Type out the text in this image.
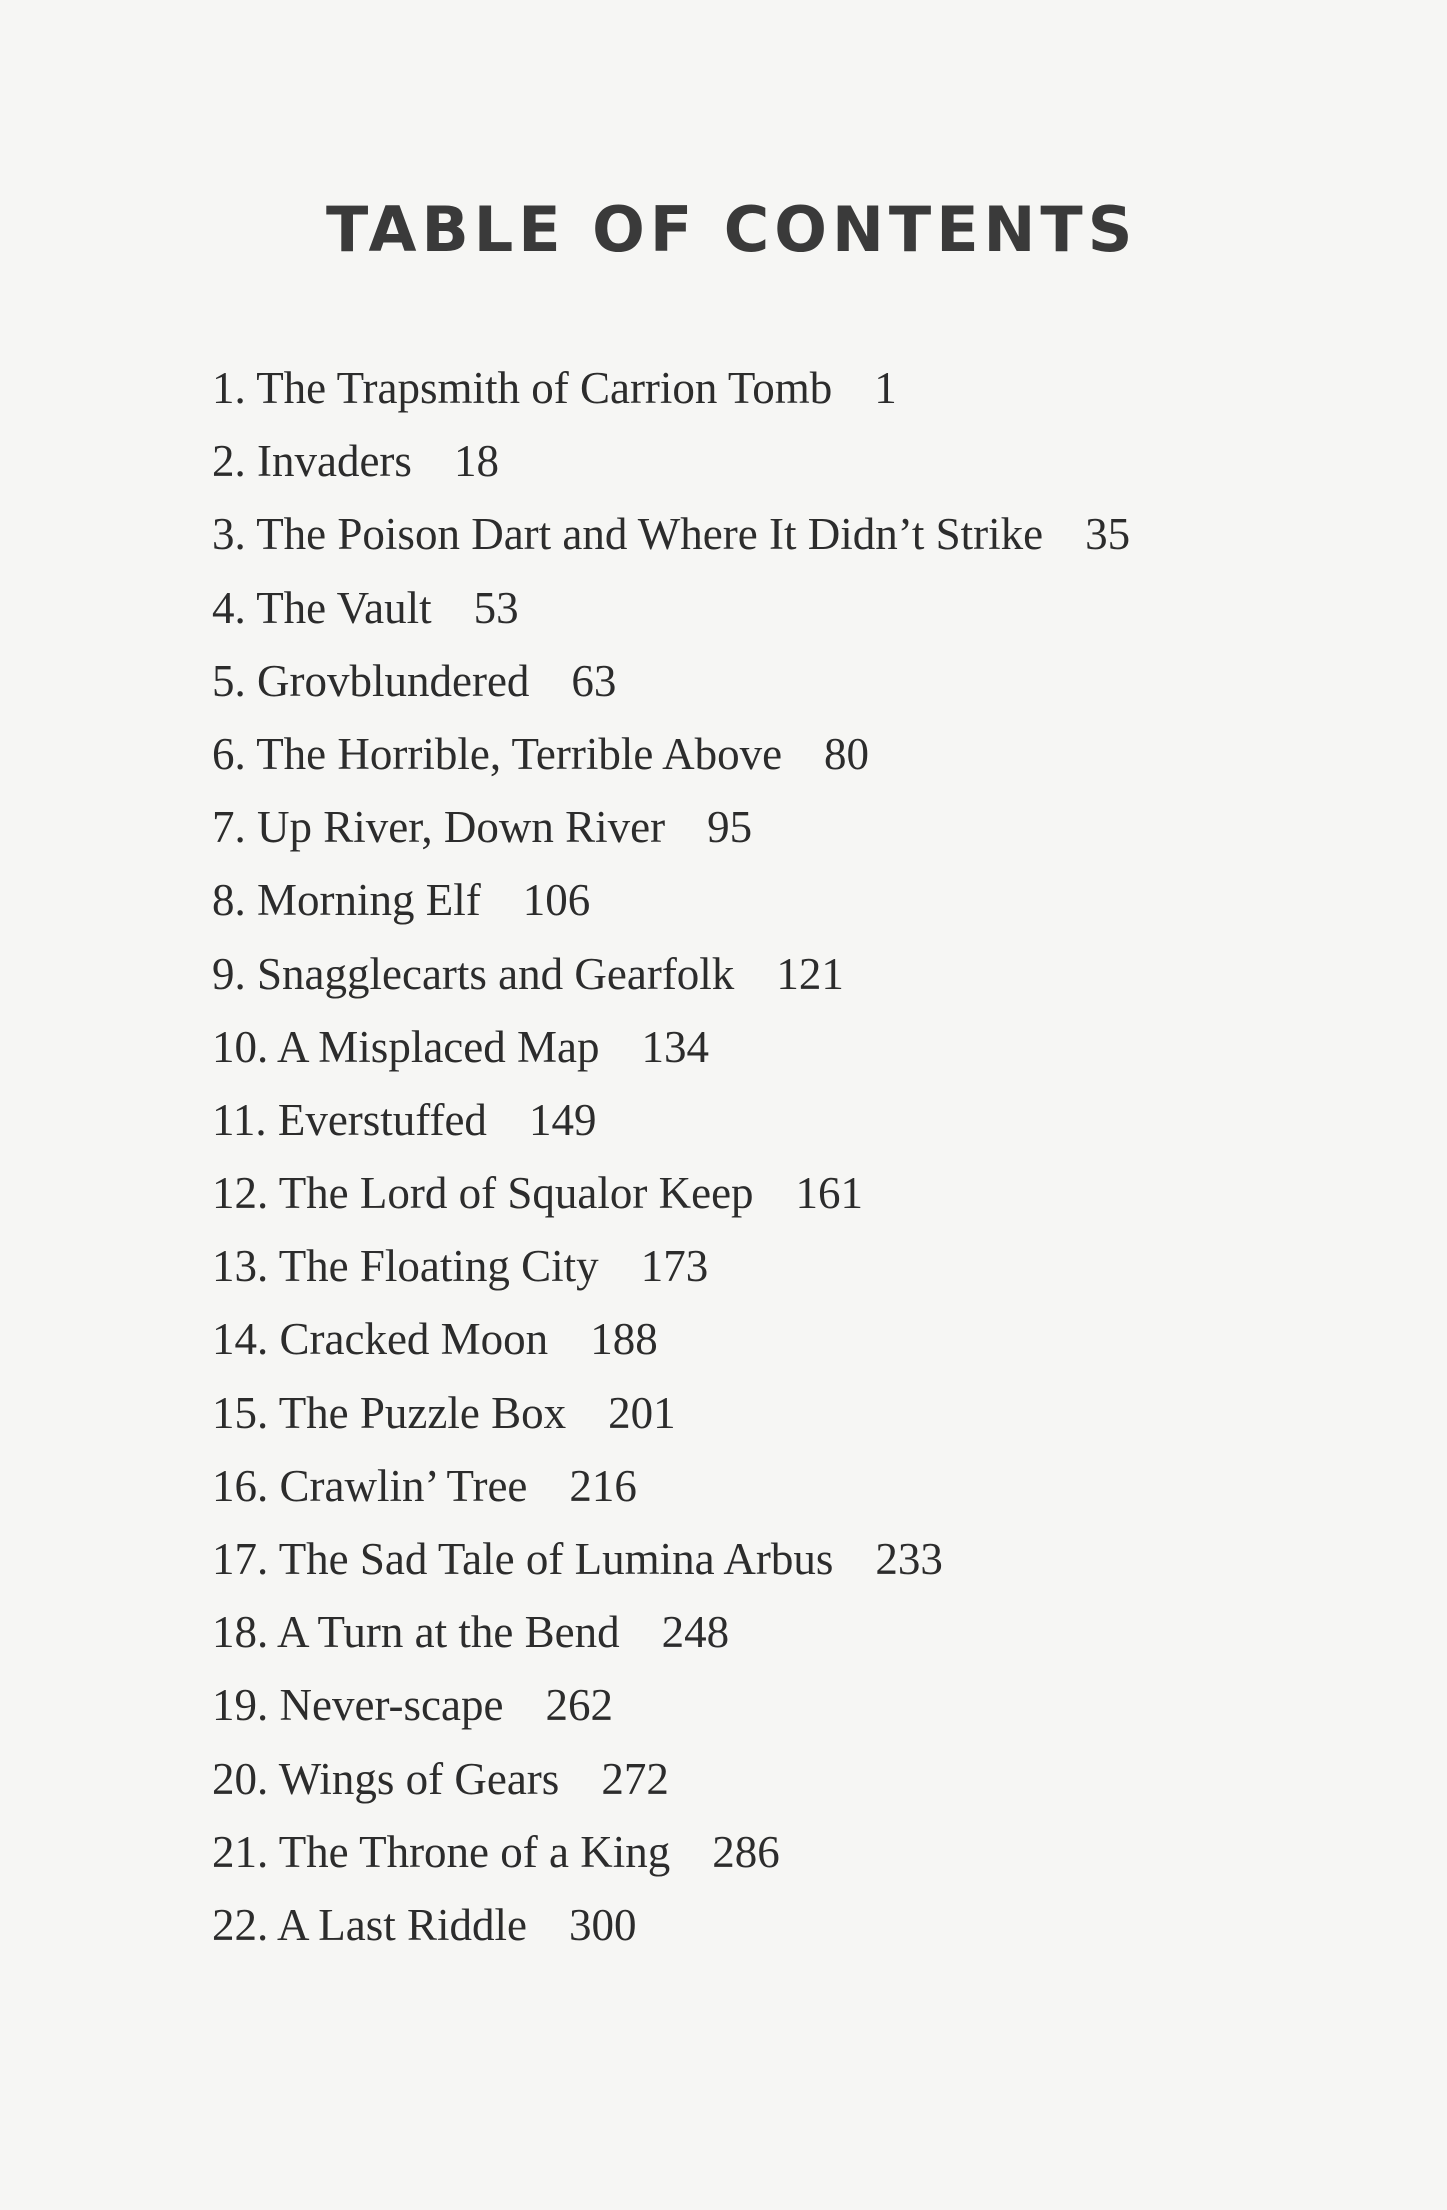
TABLE OF CONTENTS
1. The Trapsmith of Carrion Tomb 1
2. Invaders 18
3. The Poison Dart and Where It Didn’t Strike 35
4. The Vault 53
5. Grovblundered 63
6. The Horrible, Terrible Above 80
7. Up River, Down River 95
8. Morning Elf 106
9. Snagglecarts and Gearfolk 121
10. A Misplaced Map 134
11. Everstuffed 149
12. The Lord of Squalor Keep 161
13. The Floating City 173
14. Cracked Moon 188
15. The Puzzle Box 201
16. Crawlin’ Tree 216
17. The Sad Tale of Lumina Arbus 233
18. A Turn at the Bend 248
19. Never-scape 262
20. Wings of Gears 272
21. The Throne of a King 286
22. A Last Riddle 300
